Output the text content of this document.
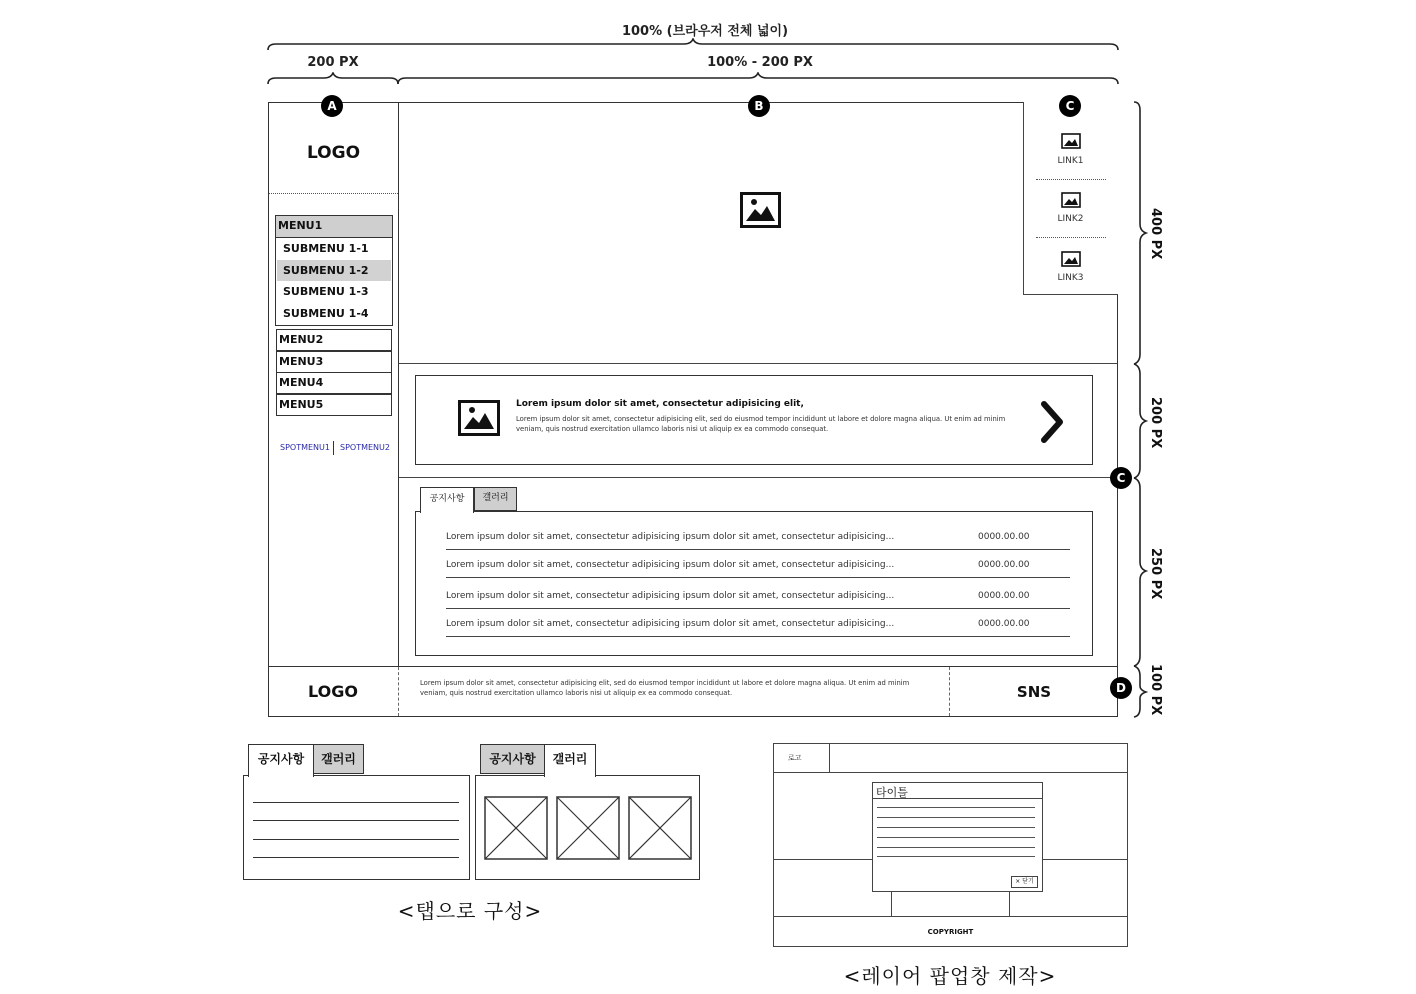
100% (브라우저 전체 넓이)
200 PX	100% - 200 PX
LOGO
MENU1
SUBMENU 1-1
SUBMENU 1-2
SUBMENU 1-3
SUBMENU 1-4
MENU2
MENU3
MENU4
MENU5
SPOTMENU1 SPOTMENU2
LINK1
LINK2
LINK3
Lorem ipsum dolor sit amet, consectetur adipisicing elit,
Lorem ipsum dolor sit amet, consectetur adipisicing elit, sed do eiusmod tempor incididunt ut labore et dolore magna aliqua. Ut enim ad minim veniam, quis nostrud exercitation ullamco laboris nisi ut aliquip ex ea commodo consequat.
공지사항	갤러리
Lorem ipsum dolor sit amet, consectetur adipisicing ipsum dolor sit amet, consectetur adipisicing...	0000.00.00
Lorem ipsum dolor sit amet, consectetur adipisicing ipsum dolor sit amet, consectetur adipisicing...	0000.00.00
Lorem ipsum dolor sit amet, consectetur adipisicing ipsum dolor sit amet, consectetur adipisicing...	0000.00.00
Lorem ipsum dolor sit amet, consectetur adipisicing ipsum dolor sit amet, consectetur adipisicing...	0000.00.00
LOGO	Lorem ipsum dolor sit amet, consectetur adipisicing elit, sed do eiusmod tempor incididunt ut labore et dolore magna aliqua. Ut enim ad minim veniam, quis nostrud exercitation ullamco laboris nisi ut aliquip ex ea commodo consequat.	SNS
A	B	C
C
D
400 PX
200 PX
250 PX
100 PX
공지사항	갤러리	공지사항	갤러리
<탭으로 구성>
로고
COPYRIGHT
타이틀
× 닫기
<레이어 팝업창 제작>
